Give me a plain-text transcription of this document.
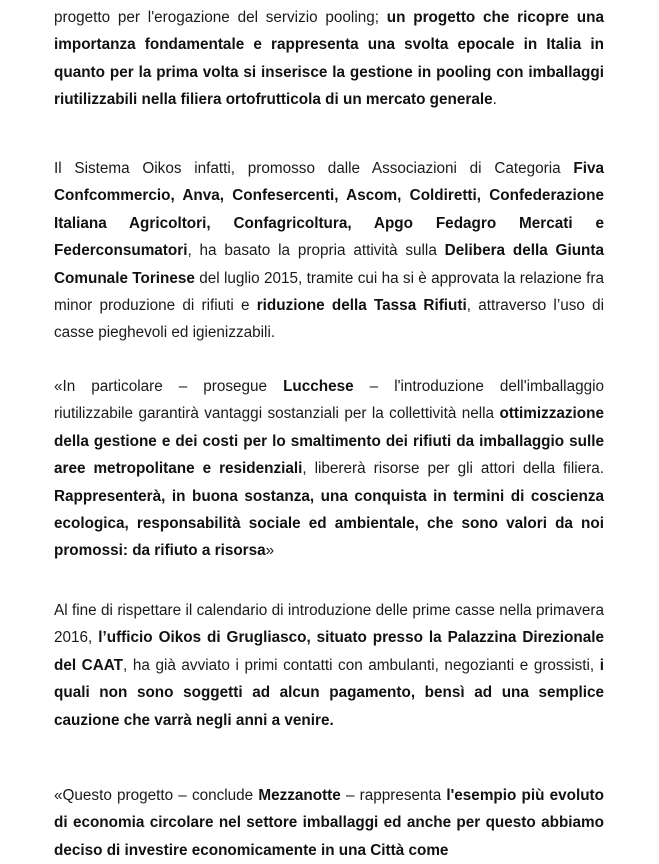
progetto per l'erogazione del servizio pooling; un progetto che ricopre una importanza fondamentale e rappresenta una svolta epocale in Italia in quanto per la prima volta si inserisce la gestione in pooling con imballaggi riutilizzabili nella filiera ortofrutticola di un mercato generale.

Il Sistema Oikos infatti, promosso dalle Associazioni di Categoria Fiva Confcommercio, Anva, Confesercenti, Ascom, Coldiretti, Confederazione Italiana Agricoltori, Confagricoltura, Apgo Fedagro Mercati e Federconsumatori, ha basato la propria attività sulla Delibera della Giunta Comunale Torinese del luglio 2015, tramite cui ha si è approvata la relazione fra minor produzione di rifiuti e riduzione della Tassa Rifiuti, attraverso l’uso di casse pieghevoli ed igienizzabili.

«In particolare – prosegue Lucchese – l'introduzione dell'imballaggio riutilizzabile garantirà vantaggi sostanziali per la collettività nella ottimizzazione della gestione e dei costi per lo smaltimento dei rifiuti da imballaggio sulle aree metropolitane e residenziali, libererà risorse per gli attori della filiera. Rappresenterà, in buona sostanza, una conquista in termini di coscienza ecologica, responsabilità sociale ed ambientale, che sono valori da noi promossi: da rifiuto a risorsa»

Al fine di rispettare il calendario di introduzione delle prime casse nella primavera 2016, l’ufficio Oikos di Grugliasco, situato presso la Palazzina Direzionale del CAAT, ha già avviato i primi contatti con ambulanti, negozianti e grossisti, i quali non sono soggetti ad alcun pagamento, bensì ad una semplice cauzione che varrà negli anni a venire.

«Questo progetto – conclude Mezzanotte – rappresenta l'esempio più evoluto di economia circolare nel settore imballaggi ed anche per questo abbiamo deciso di investire economicamente in una Città come
